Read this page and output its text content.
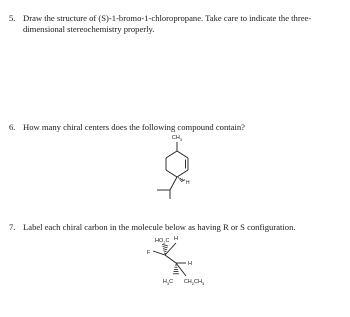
5. Draw the structure of (S)-1-bromo-1-chloropropane. Take care to indicate the three-
dimensional stereochemistry properly.
6. How many chiral centers does the following compound contain?
7. Label each chiral carbon in the molecule below as having R or S configuration.
CH3
H
HO2C H
F
H
H3C CH2CH3
